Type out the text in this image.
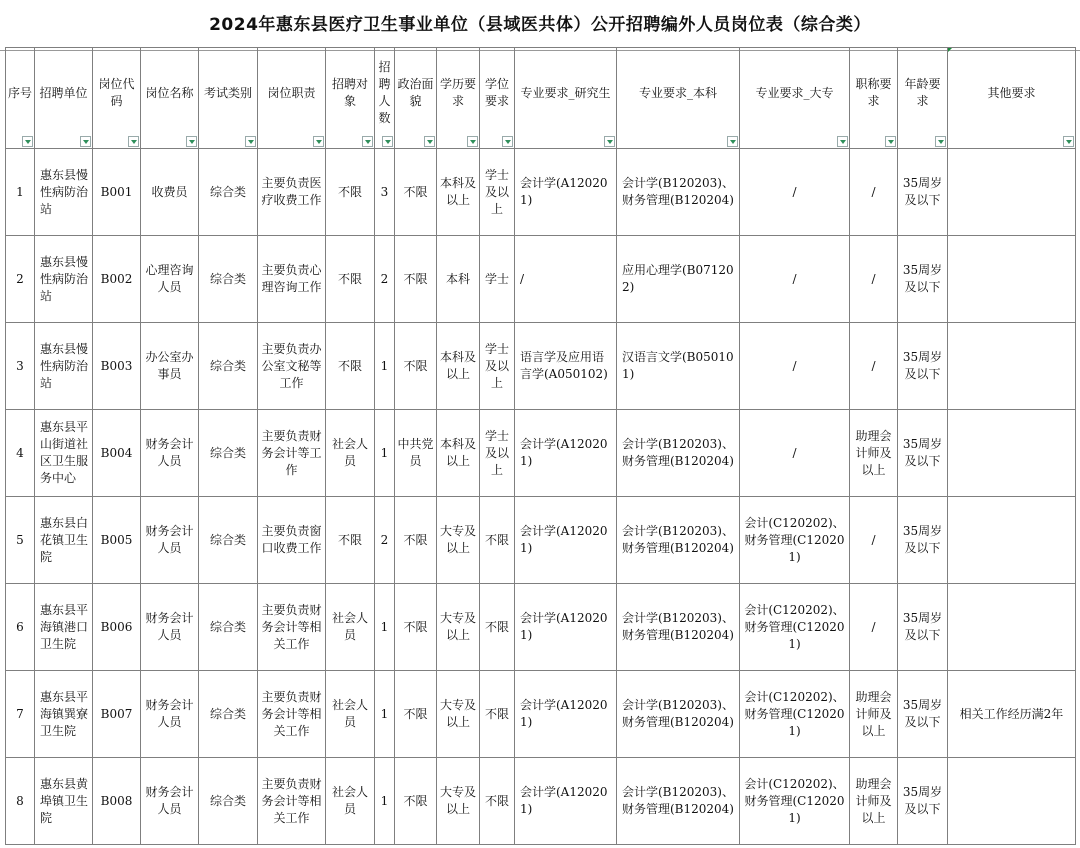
2024年惠东县医疗卫生事业单位（县域医共体）公开招聘编外人员岗位表（综合类）
序号	招聘单位	岗位代码	岗位名称	考试类别	岗位职责	招聘对象	招聘人数	政治面貌	学历要求	学位要求	专业要求_研究生	专业要求_本科	专业要求_大专	职称要求	年龄要求	其他要求

1	惠东县慢性病防治站	B001	收费员	综合类	主要负责医疗收费工作	不限	3	不限	本科及以上	学士及以上	会计学(A120201)	会计学(B120203)、财务管理(B120204)	/	/	35周岁及以下	
2	惠东县慢性病防治站	B002	心理咨询人员	综合类	主要负责心理咨询工作	不限	2	不限	本科	学士	/	应用心理学(B071202)	/	/	35周岁及以下	
3	惠东县慢性病防治站	B003	办公室办事员	综合类	主要负责办公室文秘等工作	不限	1	不限	本科及以上	学士及以上	语言学及应用语言学(A050102)	汉语言文学(B050101)	/	/	35周岁及以下	
4	惠东县平山街道社区卫生服务中心	B004	财务会计人员	综合类	主要负责财务会计等工作	社会人员	1	中共党员	本科及以上	学士及以上	会计学(A120201)	会计学(B120203)、财务管理(B120204)	/	助理会计师及以上	35周岁及以下	
5	惠东县白花镇卫生院	B005	财务会计人员	综合类	主要负责窗口收费工作	不限	2	不限	大专及以上	不限	会计学(A120201)	会计学(B120203)、财务管理(B120204)	会计(C120202)、财务管理(C120201)	/	35周岁及以下	
6	惠东县平海镇港口卫生院	B006	财务会计人员	综合类	主要负责财务会计等相关工作	社会人员	1	不限	大专及以上	不限	会计学(A120201)	会计学(B120203)、财务管理(B120204)	会计(C120202)、财务管理(C120201)	/	35周岁及以下	
7	惠东县平海镇巽寮卫生院	B007	财务会计人员	综合类	主要负责财务会计等相关工作	社会人员	1	不限	大专及以上	不限	会计学(A120201)	会计学(B120203)、财务管理(B120204)	会计(C120202)、财务管理(C120201)	助理会计师及以上	35周岁及以下	相关工作经历满2年
8	惠东县黄埠镇卫生院	B008	财务会计人员	综合类	主要负责财务会计等相关工作	社会人员	1	不限	大专及以上	不限	会计学(A120201)	会计学(B120203)、财务管理(B120204)	会计(C120202)、财务管理(C120201)	助理会计师及以上	35周岁及以下	
